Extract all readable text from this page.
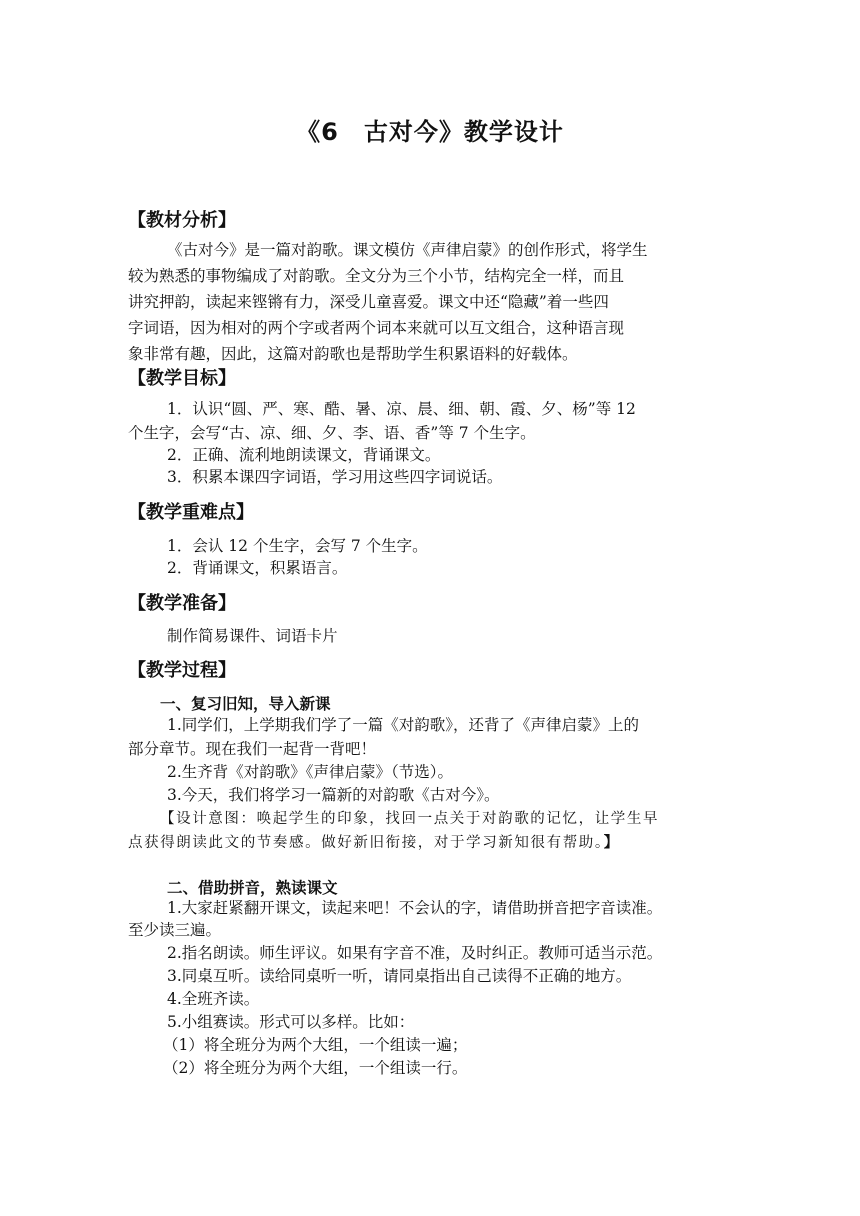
《6　古对今》教学设计
【教材分析】
《古对今》是一篇对韵歌。课文模仿《声律启蒙》的创作形式，将学生
较为熟悉的事物编成了对韵歌。全文分为三个小节，结构完全一样，而且
讲究押韵，读起来铿锵有力，深受儿童喜爱。课文中还“隐藏”着一些四
字词语，因为相对的两个字或者两个词本来就可以互文组合，这种语言现
象非常有趣，因此，这篇对韵歌也是帮助学生积累语料的好载体。
【教学目标】
1．认识“圆、严、寒、酷、暑、凉、晨、细、朝、霞、夕、杨”等 12
个生字，会写“古、凉、细、夕、李、语、香”等 7 个生字。
2．正确、流利地朗读课文，背诵课文。
3．积累本课四字词语，学习用这些四字词说话。
【教学重难点】
1．会认 12 个生字，会写 7 个生字。
2．背诵课文，积累语言。
【教学准备】
制作简易课件、词语卡片
【教学过程】
一、复习旧知，导入新课
1.同学们，上学期我们学了一篇《对韵歌》，还背了《声律启蒙》上的
部分章节。现在我们一起背一背吧！
2.生齐背《对韵歌》《声律启蒙》（节选）。
3.今天，我们将学习一篇新的对韵歌《古对今》。
【设计意图：唤起学生的印象，找回一点关于对韵歌的记忆，让学生早
点获得朗读此文的节奏感。做好新旧衔接，对于学习新知很有帮助。】
二、借助拼音，熟读课文
1.大家赶紧翻开课文，读起来吧！不会认的字，请借助拼音把字音读准。
至少读三遍。
2.指名朗读。师生评议。如果有字音不准，及时纠正。教师可适当示范。
3.同桌互听。读给同桌听一听，请同桌指出自己读得不正确的地方。
4.全班齐读。
5.小组赛读。形式可以多样。比如：
（1）将全班分为两个大组，一个组读一遍；
（2）将全班分为两个大组，一个组读一行。
